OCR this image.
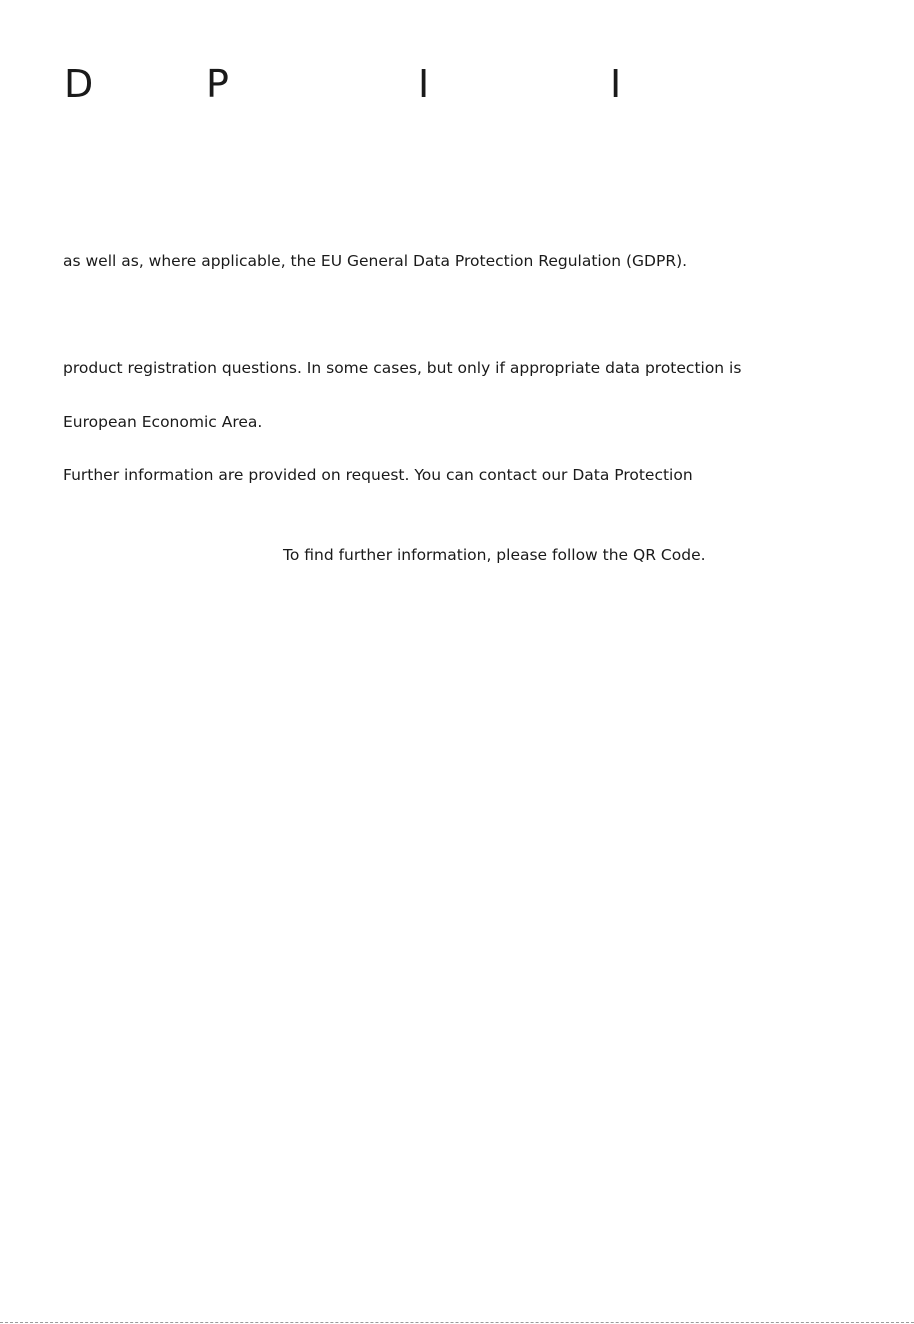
D	P	I	I
as well as, where applicable, the EU General Data Protection Regulation (GDPR).
product registration questions. In some cases, but only if appropriate data protection is
European Economic Area.
Further information are provided on request. You can contact our Data Protection
To find further information, please follow the QR Code.
